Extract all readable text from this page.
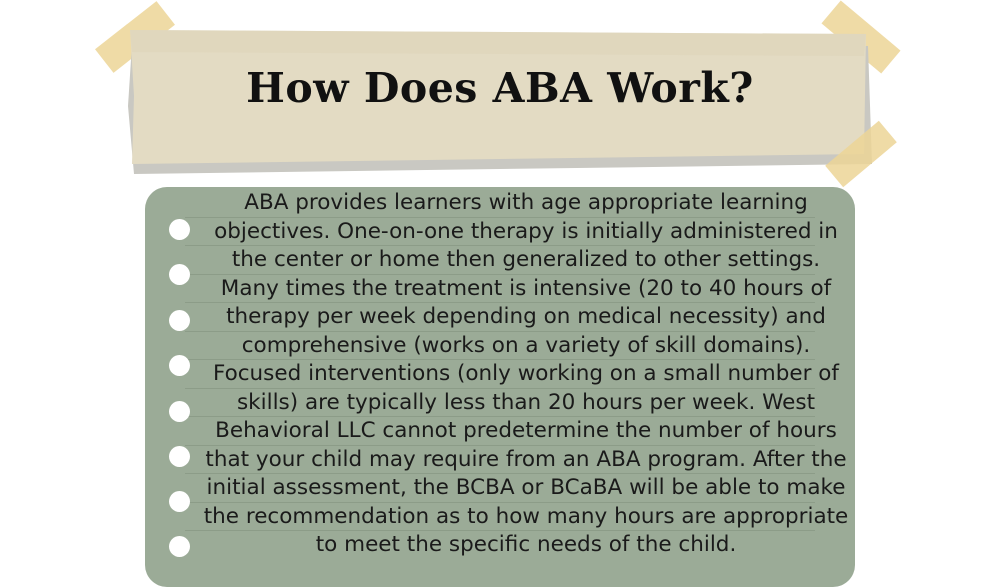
How Does ABA Work?

ABA provides learners with age appropriate learning objectives. One-on-one therapy is initially administered in the center or home then generalized to other settings. Many times the treatment is intensive (20 to 40 hours of therapy per week depending on medical necessity) and comprehensive (works on a variety of skill domains). Focused interventions (only working on a small number of skills) are typically less than 20 hours per week. West Behavioral LLC cannot predetermine the number of hours that your child may require from an ABA program. After the initial assessment, the BCBA or BCaBA will be able to make the recommendation as to how many hours are appropriate to meet the specific needs of the child.
